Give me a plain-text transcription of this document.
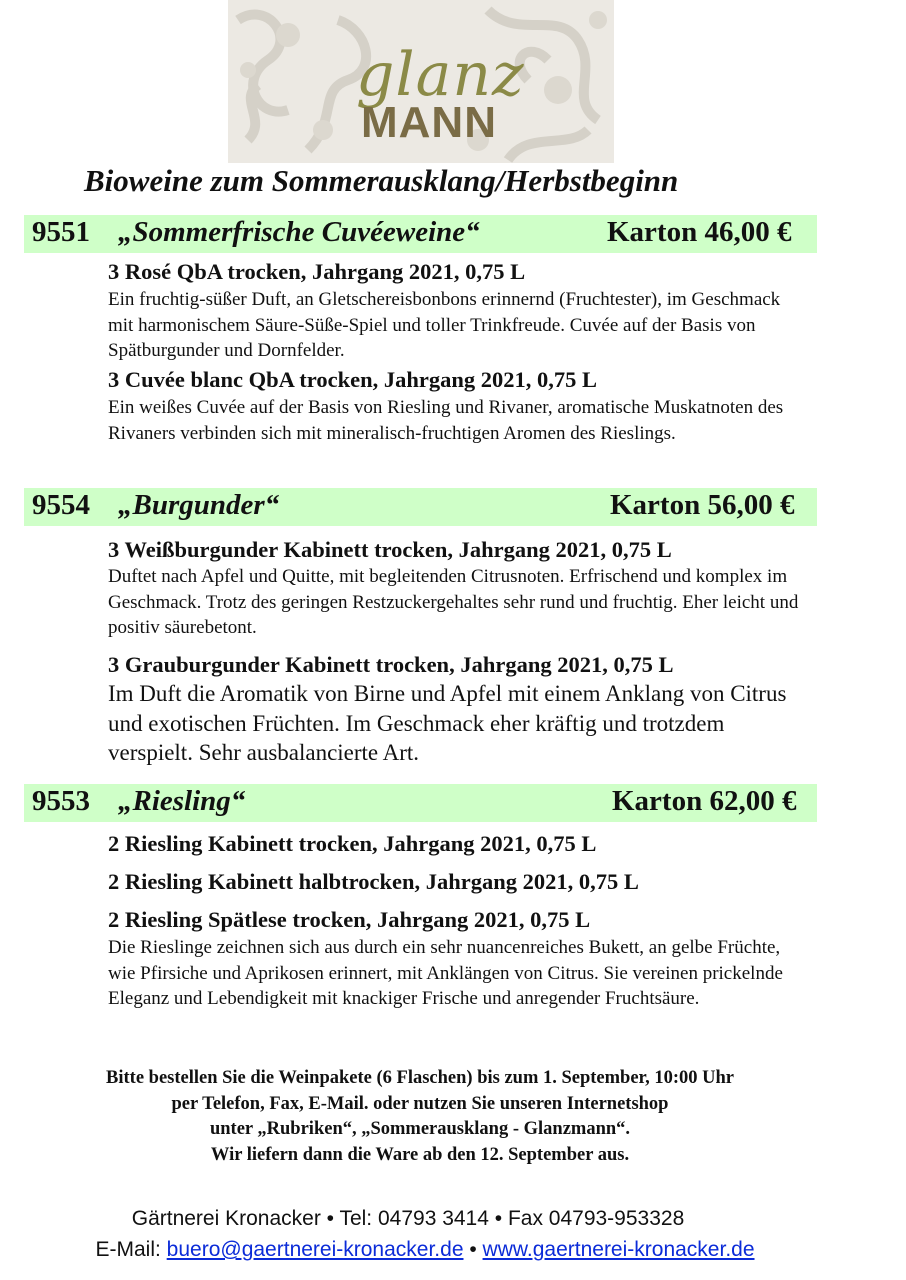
glanz
MANN
Bioweine zum Sommerausklang/Herbstbeginn
9551 „Sommerfrische Cuvéeweine“	Karton 46,00 €
3 Rosé QbA trocken, Jahrgang 2021, 0,75 L
Ein fruchtig-süßer Duft, an Gletschereisbonbons erinnernd (Fruchtester), im Geschmack mit harmonischem Säure-Süße-Spiel und toller Trinkfreude. Cuvée auf der Basis von Spätburgunder und Dornfelder.
3 Cuvée blanc QbA trocken, Jahrgang 2021, 0,75 L
Ein weißes Cuvée auf der Basis von Riesling und Rivaner, aromatische Muskatnoten des Rivaners verbinden sich mit mineralisch-fruchtigen Aromen des Rieslings.
9554 „Burgunder“	Karton 56,00 €
3 Weißburgunder Kabinett trocken, Jahrgang 2021, 0,75 L
Duftet nach Apfel und Quitte, mit begleitenden Citrusnoten. Erfrischend und komplex im Geschmack. Trotz des geringen Restzuckergehaltes sehr rund und fruchtig. Eher leicht und positiv säurebetont.
3 Grauburgunder Kabinett trocken, Jahrgang 2021, 0,75 L
Im Duft die Aromatik von Birne und Apfel mit einem Anklang von Citrus und exotischen Früchten. Im Geschmack eher kräftig und trotzdem verspielt. Sehr ausbalancierte Art.
9553 „Riesling“	Karton 62,00 €
2 Riesling Kabinett trocken, Jahrgang 2021, 0,75 L
2 Riesling Kabinett halbtrocken, Jahrgang 2021, 0,75 L
2 Riesling Spätlese trocken, Jahrgang 2021, 0,75 L
Die Rieslinge zeichnen sich aus durch ein sehr nuancenreiches Bukett, an gelbe Früchte, wie Pfirsiche und Aprikosen erinnert, mit Anklängen von Citrus. Sie vereinen prickelnde Eleganz und Lebendigkeit mit knackiger Frische und anregender Fruchtsäure.
Bitte bestellen Sie die Weinpakete (6 Flaschen) bis zum 1. September, 10:00 Uhr
per Telefon, Fax, E-Mail. oder nutzen Sie unseren Internetshop
unter „Rubriken“, „Sommerausklang - Glanzmann“.
Wir liefern dann die Ware ab den 12. September aus.
Gärtnerei Kronacker • Tel: 04793 3414 • Fax 04793-953328
E-Mail: buero@gaertnerei-kronacker.de • www.gaertnerei-kronacker.de
